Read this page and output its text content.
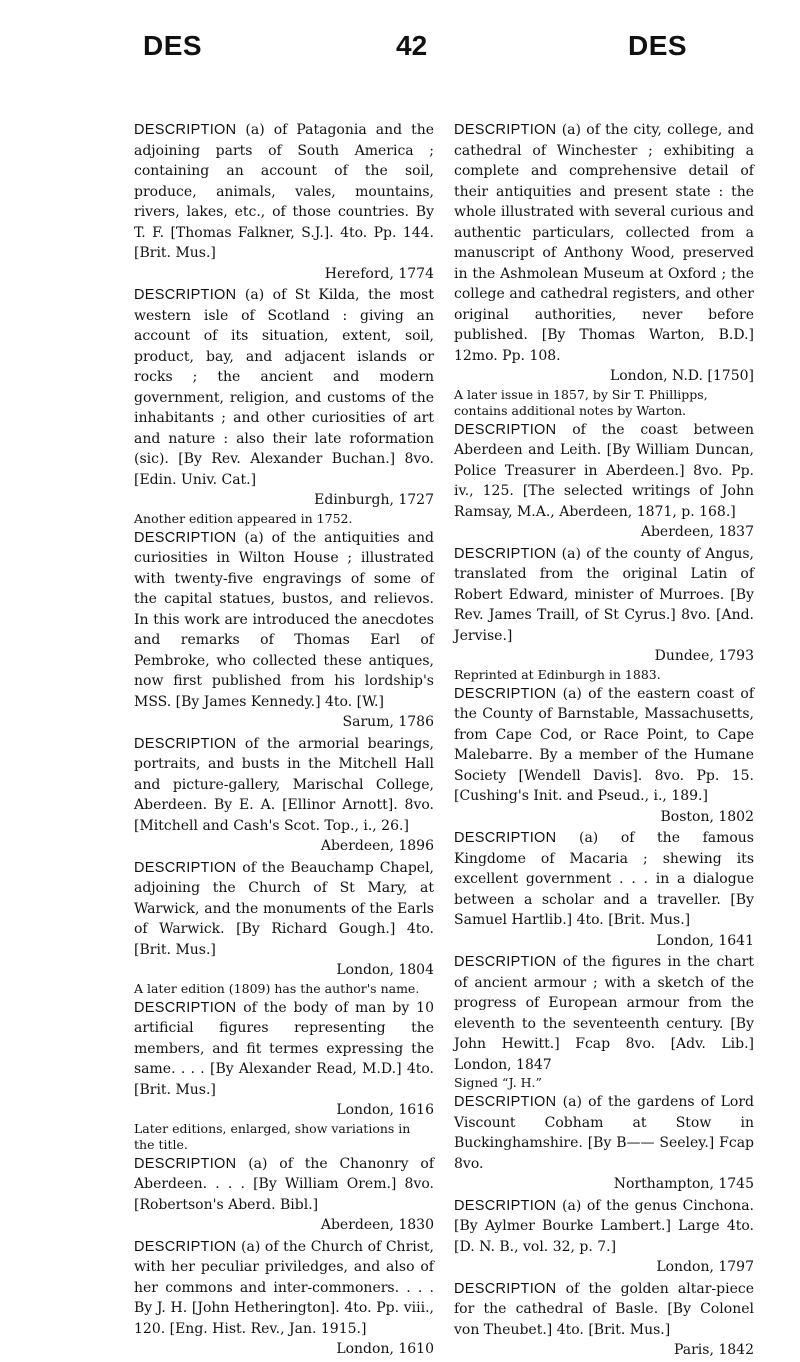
DES	42	DES

DESCRIPTION (a) of Patagonia and the adjoining parts of South America ; containing an account of the soil, produce, animals, vales, mountains, rivers, lakes, etc., of those countries. By T. F. [Thomas Falkner, S.J.]. 4to. Pp. 144. [Brit. Mus.]

Hereford, 1774

DESCRIPTION (a) of St Kilda, the most western isle of Scotland : giving an account of its situation, extent, soil, product, bay, and adjacent islands or rocks ; the ancient and modern government, religion, and customs of the inhabitants ; and other curiosities of art and nature : also their late roformation (sic). [By Rev. Alexander Buchan.] 8vo. [Edin. Univ. Cat.]

Edinburgh, 1727
Another edition appeared in 1752.

DESCRIPTION (a) of the antiquities and curiosities in Wilton House ; illustrated with twenty-five engravings of some of the capital statues, bustos, and relievos. In this work are introduced the anecdotes and remarks of Thomas Earl of Pembroke, who collected these antiques, now first published from his lordship's MSS. [By James Kennedy.] 4to. [W.]

Sarum, 1786

DESCRIPTION of the armorial bearings, portraits, and busts in the Mitchell Hall and picture-gallery, Marischal College, Aberdeen. By E. A. [Ellinor Arnott]. 8vo. [Mitchell and Cash's Scot. Top., i., 26.]

Aberdeen, 1896

DESCRIPTION of the Beauchamp Chapel, adjoining the Church of St Mary, at Warwick, and the monuments of the Earls of Warwick. [By Richard Gough.] 4to. [Brit. Mus.]

London, 1804
A later edition (1809) has the author's name.

DESCRIPTION of the body of man by 10 artificial figures representing the members, and fit termes expressing the same. . . . [By Alexander Read, M.D.] 4to. [Brit. Mus.]

London, 1616
Later editions, enlarged, show variations in the title.

DESCRIPTION (a) of the Chanonry of Aberdeen. . . . [By William Orem.] 8vo. [Robertson's Aberd. Bibl.]

Aberdeen, 1830

DESCRIPTION (a) of the Church of Christ, with her peculiar priviledges, and also of her commons and inter-commoners. . . . By J. H. [John Hetherington]. 4to. Pp. viii., 120. [Eng. Hist. Rev., Jan. 1915.]

London, 1610

DESCRIPTION (a) of the city, college, and cathedral of Winchester ; exhibiting a complete and comprehensive detail of their antiquities and present state : the whole illustrated with several curious and authentic particulars, collected from a manuscript of Anthony Wood, preserved in the Ashmolean Museum at Oxford ; the college and cathedral registers, and other original authorities, never before published. [By Thomas Warton, B.D.] 12mo. Pp. 108.

London, N.D. [1750]
A later issue in 1857, by Sir T. Phillipps, contains additional notes by Warton.

DESCRIPTION of the coast between Aberdeen and Leith. [By William Duncan, Police Treasurer in Aberdeen.] 8vo. Pp. iv., 125. [The selected writings of John Ramsay, M.A., Aberdeen, 1871, p. 168.]

Aberdeen, 1837

DESCRIPTION (a) of the county of Angus, translated from the original Latin of Robert Edward, minister of Murroes. [By Rev. James Traill, of St Cyrus.] 8vo. [And. Jervise.]

Dundee, 1793
Reprinted at Edinburgh in 1883.

DESCRIPTION (a) of the eastern coast of the County of Barnstable, Massachusetts, from Cape Cod, or Race Point, to Cape Malebarre. By a member of the Humane Society [Wendell Davis]. 8vo. Pp. 15. [Cushing's Init. and Pseud., i., 189.]

Boston, 1802

DESCRIPTION (a) of the famous Kingdome of Macaria ; shewing its excellent government . . . in a dialogue between a scholar and a traveller. [By Samuel Hartlib.] 4to. [Brit. Mus.]

London, 1641

DESCRIPTION of the figures in the chart of ancient armour ; with a sketch of the progress of European armour from the eleventh to the seventeenth century. [By John Hewitt.] Fcap 8vo. [Adv. Lib.] London, 1847

Signed “J. H.”

DESCRIPTION (a) of the gardens of Lord Viscount Cobham at Stow in Buckinghamshire. [By B—— Seeley.] Fcap 8vo.

Northampton, 1745

DESCRIPTION (a) of the genus Cinchona. [By Aylmer Bourke Lambert.] Large 4to. [D. N. B., vol. 32, p. 7.]

London, 1797

DESCRIPTION of the golden altar-piece for the cathedral of Basle. [By Colonel von Theubet.] 4to. [Brit. Mus.]

Paris, 1842
